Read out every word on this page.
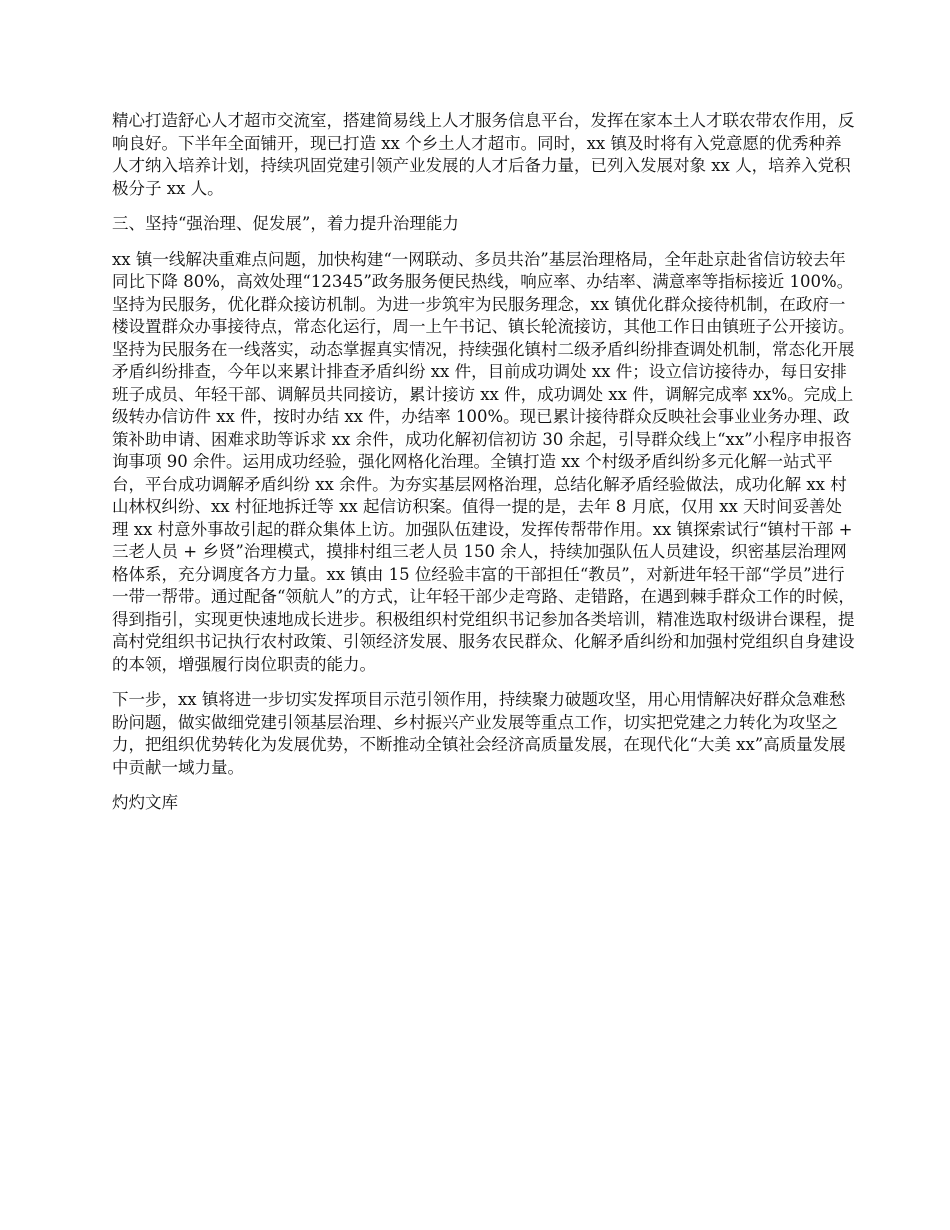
精心打造舒心人才超市交流室，搭建简易线上人才服务信息平台，发挥在家本土人才联农带农作用，反响良好。下半年全面铺开，现已打造 xx 个乡土人才超市。同时，xx 镇及时将有入党意愿的优秀种养人才纳入培养计划，持续巩固党建引领产业发展的人才后备力量，已列入发展对象 xx 人，培养入党积极分子 xx 人。

三、坚持“强治理、促发展”，着力提升治理能力

xx 镇一线解决重难点问题，加快构建“一网联动、多员共治”基层治理格局，全年赴京赴省信访较去年同比下降 80%，高效处理“12345”政务服务便民热线，响应率、办结率、满意率等指标接近 100%。坚持为民服务，优化群众接访机制。为进一步筑牢为民服务理念，xx 镇优化群众接待机制，在政府一楼设置群众办事接待点，常态化运行，周一上午书记、镇长轮流接访，其他工作日由镇班子公开接访。坚持为民服务在一线落实，动态掌握真实情况，持续强化镇村二级矛盾纠纷排查调处机制，常态化开展矛盾纠纷排查，今年以来累计排查矛盾纠纷 xx 件，目前成功调处 xx 件；设立信访接待办，每日安排班子成员、年轻干部、调解员共同接访，累计接访 xx 件，成功调处 xx 件，调解完成率 xx%。完成上级转办信访件 xx 件，按时办结 xx 件，办结率 100%。现已累计接待群众反映社会事业业务办理、政策补助申请、困难求助等诉求 xx 余件，成功化解初信初访 30 余起，引导群众线上“xx”小程序申报咨询事项 90 余件。运用成功经验，强化网格化治理。全镇打造 xx 个村级矛盾纠纷多元化解一站式平台，平台成功调解矛盾纠纷 xx 余件。为夯实基层网格治理，总结化解矛盾经验做法，成功化解 xx 村山林权纠纷、xx 村征地拆迁等 xx 起信访积案。值得一提的是，去年 8 月底，仅用 xx 天时间妥善处理 xx 村意外事故引起的群众集体上访。加强队伍建设，发挥传帮带作用。xx 镇探索试行“镇村干部 + 三老人员 + 乡贤”治理模式，摸排村组三老人员 150 余人，持续加强队伍人员建设，织密基层治理网格体系，充分调度各方力量。xx 镇由 15 位经验丰富的干部担任“教员”，对新进年轻干部“学员”进行一带一帮带。通过配备“领航人”的方式，让年轻干部少走弯路、走错路，在遇到棘手群众工作的时候，得到指引，实现更快速地成长进步。积极组织村党组织书记参加各类培训，精准选取村级讲台课程，提高村党组织书记执行农村政策、引领经济发展、服务农民群众、化解矛盾纠纷和加强村党组织自身建设的本领，增强履行岗位职责的能力。

下一步，xx 镇将进一步切实发挥项目示范引领作用，持续聚力破题攻坚，用心用情解决好群众急难愁盼问题，做实做细党建引领基层治理、乡村振兴产业发展等重点工作，切实把党建之力转化为攻坚之力，把组织优势转化为发展优势，不断推动全镇社会经济高质量发展，在现代化“大美 xx”高质量发展中贡献一域力量。

灼灼文库
